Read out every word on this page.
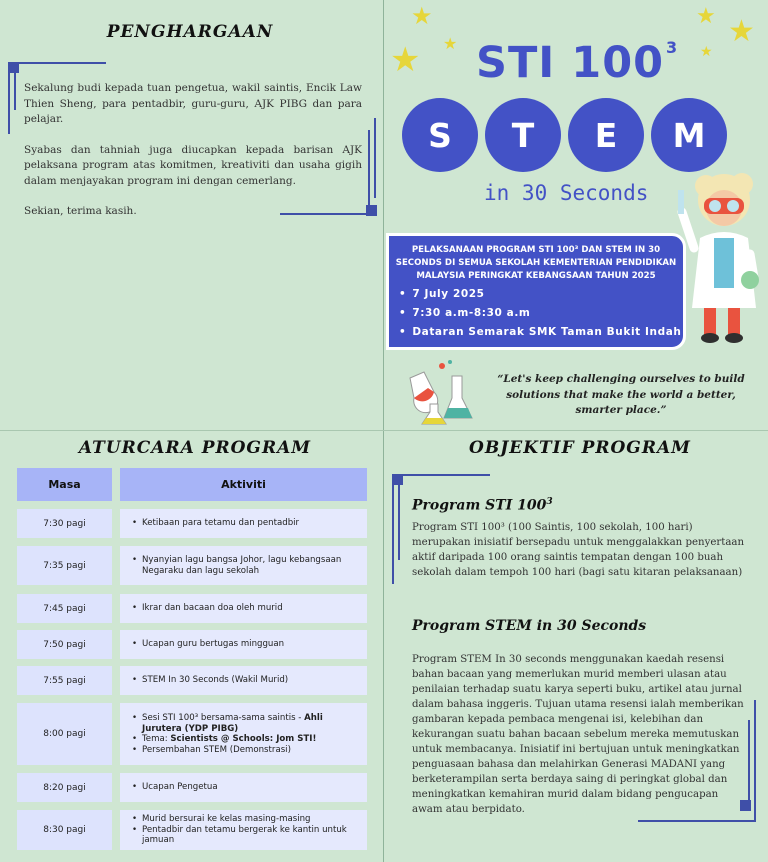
PENGHARGAAN

Sekalung budi kepada tuan pengetua, wakil saintis, Encik Law Thien Sheng, para pentadbir, guru-guru, AJK PIBG dan para pelajar.

Syabas dan tahniah juga diucapkan kepada barisan AJK pelaksana program atas komitmen, kreativiti dan usaha gigih dalam menjayakan program ini dengan cemerlang.

Sekian, terima kasih.

★
★ ★
★ ★
★
STI 100 $^3$
S	T	E	M
in 30 Seconds
PELAKSANAAN PROGRAM STI 100³ DAN STEM IN 30 SECONDS DI SEMUA SEKOLAH KEMENTERIAN PENDIDIKAN MALAYSIA PERINGKAT KEBANGSAAN TAHUN 2025
• 7 July 2025
• 7:30 a.m-8:30 a.m
• Dataran Semarak SMK Taman Bukit Indah
“Let's keep challenging ourselves to build solutions that make the world a better, smarter place.”
ATURCARA PROGRAM
Masa	Aktiviti
7:30 pagi	• Ketibaan para tetamu dan pentadbir
7:35 pagi
• Nyanyian lagu bangsa Johor, lagu kebangsaan Negaraku dan lagu sekolah
7:45 pagi	• Ikrar dan bacaan doa oleh murid
7:50 pagi	• Ucapan guru bertugas mingguan
7:55 pagi	• STEM In 30 Seconds (Wakil Murid)
8:00 pagi
• Sesi STI 100³ bersama-sama saintis - Ahli Jurutera (YDP PIBG)
• Tema: Scientists @ Schools: Jom STI!
• Persembahan STEM (Demonstrasi)
8:20 pagi	• Ucapan Pengetua
8:30 pagi
• Murid bersurai ke kelas masing-masing
• Pentadbir dan tetamu bergerak ke kantin untuk jamuan
OBJEKTIF PROGRAM
Program STI $100^3$
Program STI 100³ (100 Saintis, 100 sekolah, 100 hari) merupakan inisiatif bersepadu untuk menggalakkan penyertaan aktif daripada 100 orang saintis tempatan dengan 100 buah sekolah dalam tempoh 100 hari (bagi satu kitaran pelaksanaan)
Program STEM in 30 Seconds
Program STEM In 30 seconds menggunakan kaedah resensi bahan bacaan yang memerlukan murid memberi ulasan atau penilaian terhadap suatu karya seperti buku, artikel atau jurnal dalam bahasa inggeris. Tujuan utama resensi ialah memberikan gambaran kepada pembaca mengenai isi, kelebihan dan kekurangan suatu bahan bacaan sebelum mereka memutuskan untuk membacanya. Inisiatif ini bertujuan untuk meningkatkan penguasaan bahasa dan melahirkan Generasi MADANI yang berketerampilan serta berdaya saing di peringkat global dan meningkatkan kemahiran murid dalam bidang pengucapan awam atau berpidato.
